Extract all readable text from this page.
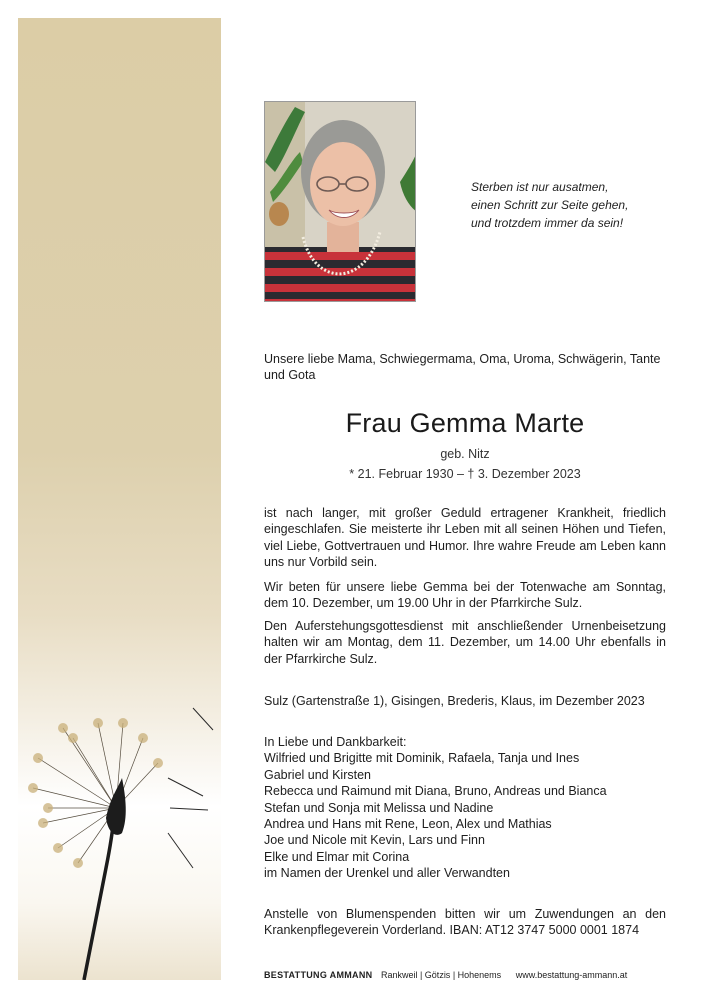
Sterben ist nur ausatmen,
einen Schritt zur Seite gehen,
und trotzdem immer da sein!
Unsere liebe Mama, Schwiegermama, Oma, Uroma, Schwägerin, Tante und Gota
Frau Gemma Marte
geb. Nitz
* 21. Februar 1930 – † 3. Dezember 2023
ist nach langer, mit großer Geduld ertragener Krankheit, friedlich eingeschlafen. Sie meisterte ihr Leben mit all seinen Höhen und Tiefen, viel Liebe, Gottvertrauen und Humor. Ihre wahre Freude am Leben kann uns nur Vorbild sein.
Wir beten für unsere liebe Gemma bei der Totenwache am Sonntag, dem 10. Dezember, um 19.00 Uhr in der Pfarrkirche Sulz.
Den Auferstehungsgottesdienst mit anschließender Urnenbeisetzung halten wir am Montag, dem 11. Dezember, um 14.00 Uhr ebenfalls in der Pfarrkirche Sulz.
Sulz (Gartenstraße 1), Gisingen, Brederis, Klaus, im Dezember 2023
In Liebe und Dankbarkeit:
Wilfried und Brigitte mit Dominik, Rafaela, Tanja und Ines
Gabriel und Kirsten
Rebecca und Raimund mit Diana, Bruno, Andreas und Bianca
Stefan und Sonja mit Melissa und Nadine
Andrea und Hans mit Rene, Leon, Alex und Mathias
Joe und Nicole mit Kevin, Lars und Finn
Elke und Elmar mit Corina
im Namen der Urenkel und aller Verwandten
Anstelle von Blumenspenden bitten wir um Zuwendungen an den Krankenpflegeverein Vorderland. IBAN: AT12 3747 5000 0001 1874
BESTATTUNG AMMANN Rankweil | Götzis | Hohenems www.bestattung-ammann.at
